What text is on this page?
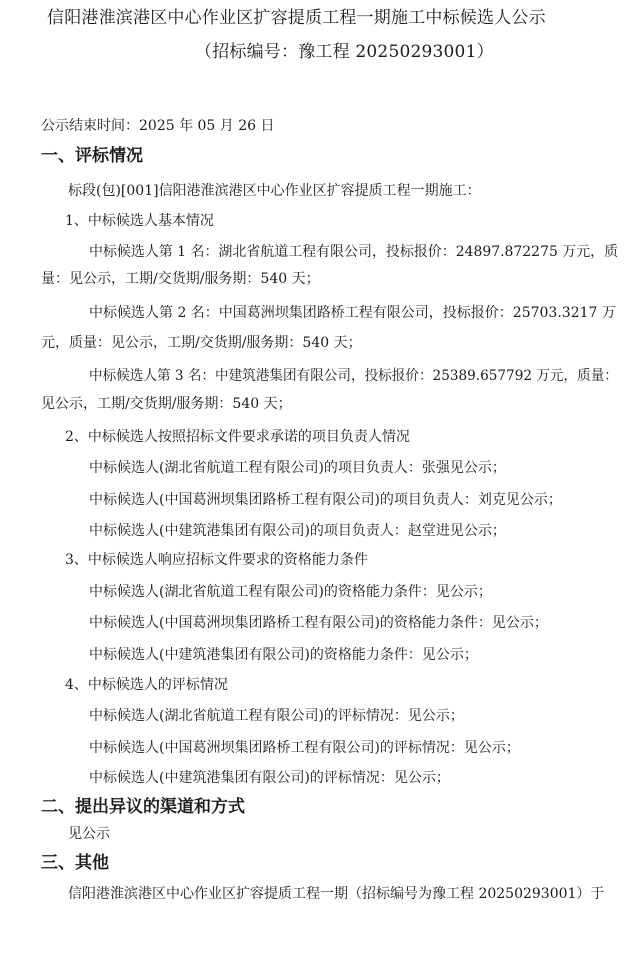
信阳港淮滨港区中心作业区扩容提质工程一期施工中标候选人公示
（招标编号：豫工程 20250293001）
公示结束时间：2025 年 05 月 26 日
一、评标情况
标段(包)[001]信阳港淮滨港区中心作业区扩容提质工程一期施工：
1、中标候选人基本情况
中标候选人第 1 名：湖北省航道工程有限公司，投标报价：24897.872275 万元，质
量：见公示，工期/交货期/服务期：540 天；
中标候选人第 2 名：中国葛洲坝集团路桥工程有限公司，投标报价：25703.3217 万
元，质量：见公示，工期/交货期/服务期：540 天；
中标候选人第 3 名：中建筑港集团有限公司，投标报价：25389.657792 万元，质量：
见公示，工期/交货期/服务期：540 天；
2、中标候选人按照招标文件要求承诺的项目负责人情况
中标候选人(湖北省航道工程有限公司)的项目负责人：张强见公示；
中标候选人(中国葛洲坝集团路桥工程有限公司)的项目负责人：刘克见公示；
中标候选人(中建筑港集团有限公司)的项目负责人：赵堂进见公示；
3、中标候选人响应招标文件要求的资格能力条件
中标候选人(湖北省航道工程有限公司)的资格能力条件：见公示；
中标候选人(中国葛洲坝集团路桥工程有限公司)的资格能力条件：见公示；
中标候选人(中建筑港集团有限公司)的资格能力条件：见公示；
4、中标候选人的评标情况
中标候选人(湖北省航道工程有限公司)的评标情况：见公示；
中标候选人(中国葛洲坝集团路桥工程有限公司)的评标情况：见公示；
中标候选人(中建筑港集团有限公司)的评标情况：见公示；
二、提出异议的渠道和方式
见公示
三、其他
信阳港淮滨港区中心作业区扩容提质工程一期（招标编号为豫工程 20250293001）于
